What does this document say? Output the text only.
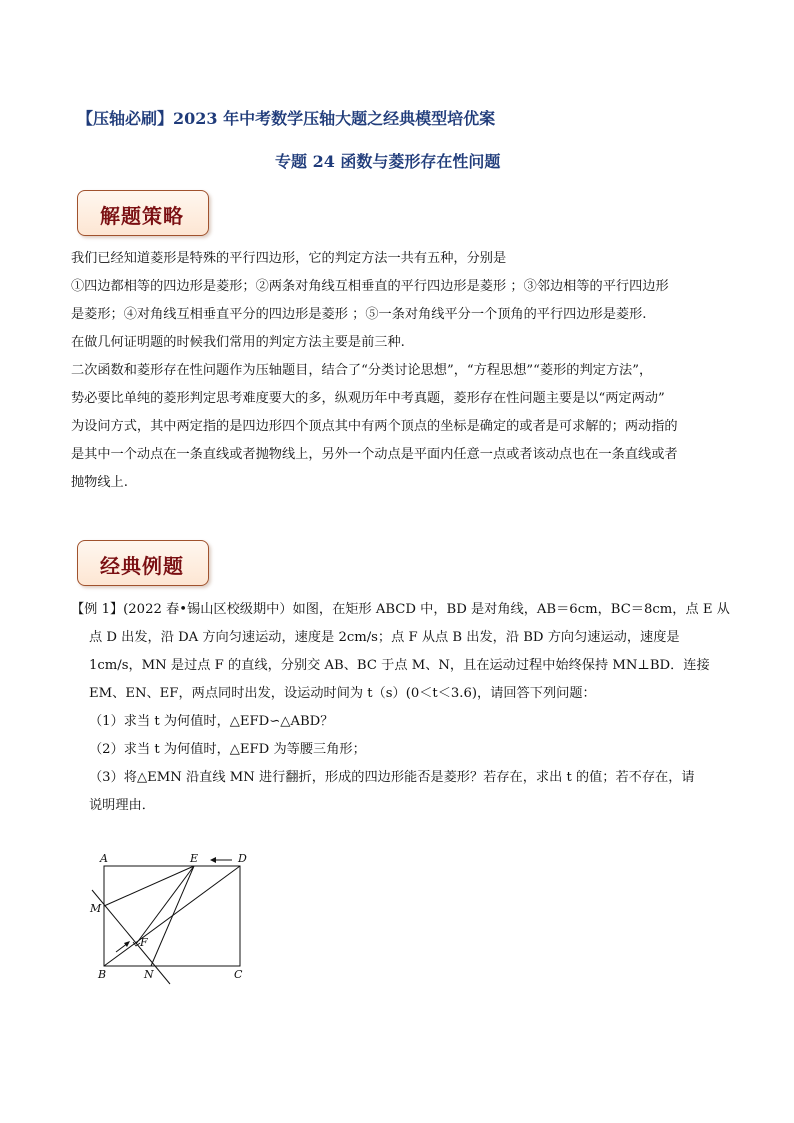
【压轴必刷】2023 年中考数学压轴大题之经典模型培优案
专题 24 函数与菱形存在性问题
解题策略
我们已经知道菱形是特殊的平行四边形，它的判定方法一共有五种，分别是
①四边都相等的四边形是菱形；②两条对角线互相垂直的平行四边形是菱形 ；③邻边相等的平行四边形
是菱形；④对角线互相垂直平分的四边形是菱形 ；⑤一条对角线平分一个顶角的平行四边形是菱形.
在做几何证明题的时候我们常用的判定方法主要是前三种.
二次函数和菱形存在性问题作为压轴题目，结合了“分类讨论思想”，“方程思想”“菱形的判定方法”，
势必要比单纯的菱形判定思考难度要大的多，纵观历年中考真题，菱形存在性问题主要是以“两定两动”
为设问方式，其中两定指的是四边形四个顶点其中有两个顶点的坐标是确定的或者是可求解的；两动指的
是其中一个动点在一条直线或者抛物线上，另外一个动点是平面内任意一点或者该动点也在一条直线或者
抛物线上.
经典例题
【例 1】(2022 春•锡山区校级期中）如图，在矩形 ABCD 中，BD 是对角线，AB＝6cm，BC＝8cm，点 E 从
点 D 出发，沿 DA 方向匀速运动，速度是 2cm/s；点 F 从点 B 出发，沿 BD 方向匀速运动，速度是
1cm/s，MN 是过点 F 的直线，分别交 AB、BC 于点 M、N，且在运动过程中始终保持 MN⊥BD．连接
EM、EN、EF，两点同时出发，设运动时间为 t（s）(0＜t＜3.6)，请回答下列问题：
（1）求当 t 为何值时，△EFD∽△ABD？
（2）求当 t 为何值时，△EFD 为等腰三角形；
（3）将△EMN 沿直线 MN 进行翻折，形成的四边形能否是菱形？若存在，求出 t 的值；若不存在，请
说明理由．
A	E	D
M
F
B	N	C
